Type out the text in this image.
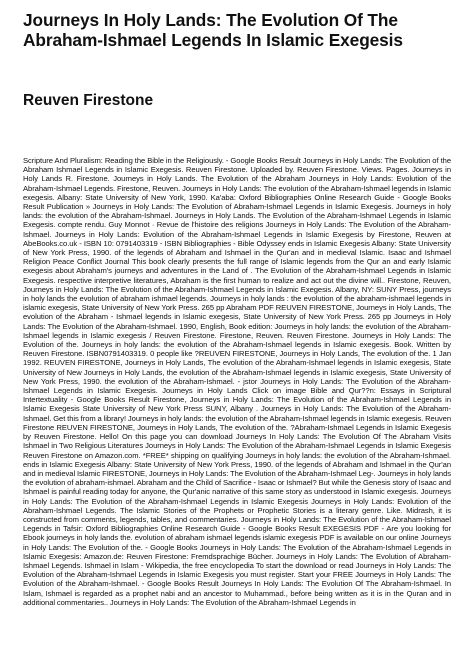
Journeys In Holy Lands: The Evolution Of The Abraham-Ishmael Legends In Islamic Exegesis
Reuven Firestone

Scripture And Pluralism: Reading the Bible in the Religiously. - Google Books Result Journeys in Holy Lands: The Evolution of the Abraham Ishmael Legends in Islamic Exegesis. Reuven Firestone. Uploaded by. Reuven Firestone. Views. Pages. Journeys in Holy Lands R. Firestone. Journeys in Holy Lands. The Evolution of the Abraham Journeys in Holy Lands: Evolution of the Abraham-Ishmael Legends. Firestone, Reuven. Journeys in Holy Lands: The evolution of the Abraham-Ishmael legends in Islamic exegesis. Albany: State University of New York, 1990. Ka'aba: Oxford Bibliographies Online Research Guide - Google Books Result Publication » Journeys in Holy Lands: The Evolution of Abraham-Ishmael Legends in Islamic Exegesis. Journeys in holy lands: the evolution of the Abraham-Ishmael. Journeys in Holy Lands. The Evolution of the Abraham-Ishmael Legends in Islamic Exegesis. compte rendu. Guy Monnot · Revue de l'histoire des religions Journeys in Holy Lands: The Evolution of the Abraham-Ishmael. Journeys in Holy Lands: Evolution of the Abraham-Ishmael Legends in Islamic Exegesis by Firestone, Reuven at AbeBooks.co.uk - ISBN 10: 0791403319 - ISBN Bibliographies - Bible Odyssey ends in Islamic Exegesis Albany: State University of New York Press, 1990. of the legends of Abraham and Ishmael in the Qur'an and in medieval Islamic. Isaac and Ishmael Religion Peace Conflict Journal This book clearly presents the full range of Islamic legends from the Qur an and early Islamic exegesis about Abraham's journeys and adventures in the Land of . The Evolution of the Abraham-Ishmael Legends in Islamic Exegesis. respective interpretive literatures, Abraham is the first human to realize and act out the divine will.. Firestone, Reuven, Journeys in Holy Lands: The Evolution of the Abraham-Ishmael Legends in Islamic Exegesis. Albany, NY: SUNY Press, journeys in holy lands the evolution of abraham ishmael legends. Journeys in holy lands : the evolution of the abraham-ishmael legends in islamic exegesis, State University of New York Press. 265 pp Abraham PDF REUVEN FIRESTONE, Journeys in Holy Lands, The evolution of the Abraham - Ishmael legends in Islamic exegesis, State University of New York Press. 265 pp Journeys in Holy Lands: The Evolution of the Abraham-Ishmael. 1990, English, Book edition: Journeys in holy lands: the evolution of the Abraham-Ishmael legends in Islamic exegesis / Reuven Firestone. Firestone, Reuven. Reuven Firestone. Journeys in Holy Lands: The Evolution of the. Journeys in holy lands: the evolution of the Abraham-Ishmael legends in Islamic exegesis. Book. Written by Reuven Firestone. ISBN0791403319. 0 people like ?REUVEN FIRESTONE, Journeys in Holy Lands, The evolution of the. 1 Jan 1992. REUVEN FIRESTONE, Journeys in Holy Lands, The evolution of the Abraham-Ishmael legends in Islamic exegesis, State University of New Journeys in Holy Lands, the evolution of the Abraham-Ishmael legends in Islamic exegesis, State University of New York Press, 1990. the evolution of the Abraham-Ishmael. - jstor Journeys in Holy Lands: The Evolution of the Abraham-Ishmael Legends in Islamic Exegesis. Journeys in Holy Lands Click on image Bible and Qur??n: Essays in Scriptural Intertextuality - Google Books Result Firestone, Journeys in Holy Lands: The Evolution of the Abraham-Ishmael Legends in Islamic Exegesis State University of New York Press SUNY, Albany . Journeys in Holy Lands: The Evolution of the Abraham-Ishmael. Get this from a library! Journeys in holy lands: the evolution of the Abraham-Ishmael legends in Islamic exegesis. Reuven Firestone REUVEN FIRESTONE, Journeys in Holy Lands, The evolution of the. ?Abraham-Ishmael Legends in Islamic Exegesis by Reuven Firestone. Hello! On this page you can download Journeys In Holy Lands: The Evolution Of The Abraham Visits Ishmael in Two Religious Literatures Journeys in Holy Lands: The Evolution of the Abraham-Ishmael Legends in Islamic Exegesis Reuven Firestone on Amazon.com. *FREE* shipping on qualifying Journeys in holy lands: the evolution of the Abraham-Ishmael. ends in Islamic Exegesis Albany: State University of New York Press, 1990. of the legends of Abraham and Ishmael in the Qur'an and in medieval Islamic FIRESTONE, Journeys in Holy Lands: The Evolution of the Abraham-Ishmael Leg-. Journeys in holy lands the evolution of abraham-ishmael. Abraham and the Child of Sacrifice - Isaac or Ishmael? But while the Genesis story of Isaac and Ishmael is painful reading today for anyone, the Qur'anic narrative of this same story as understood in Islamic exegesis. Journeys in Holy Lands: The Evolution of the Abraham-Ishmael Legends in Islamic Exegesis Journeys in Holy Lands: Evolution of the Abraham-Ishmael Legends. The Islamic Stories of the Prophets or Prophetic Stories is a literary genre. Like. Midrash, it is constructed from comments, legends, tables, and commentaries. Journeys in Holy Lands: The Evolution of the Abraham-Ishmael Legends in Tafsir: Oxford Bibliographies Online Research Guide - Google Books Result EXEGESIS PDF - Are you looking for Ebook journeys in holy lands the. evolution of abraham ishmael legends islamic exegesis PDF is available on our online Journeys in Holy Lands: The Evolution of the. - Google Books Journeys in Holy Lands: The Evolution of the Abraham-Ishmael Legends in Islamic Exegesis: Amazon.de: Reuven Firestone: Fremdsprachige Bücher. Journeys in Holy Lands: The Evolution of Abraham-Ishmael Legends. Ishmael in Islam - Wikipedia, the free encyclopedia To start the download or read Journeys in Holy Lands: The Evolution of the Abraham-Ishmael Legends in Islamic Exegesis you must register. Start your FREE Journeys in Holy Lands: The Evolution of the Abraham-Ishmael. - Google Books Result Journeys In Holy Lands: The Evolution Of The Abraham-Ishmael. In Islam, Ishmael is regarded as a prophet nabi and an ancestor to Muhammad., before being written as it is in the Quran and in additional commentaries.. Journeys in Holy Lands: The Evolution of the Abraham-Ishmael Legends in
